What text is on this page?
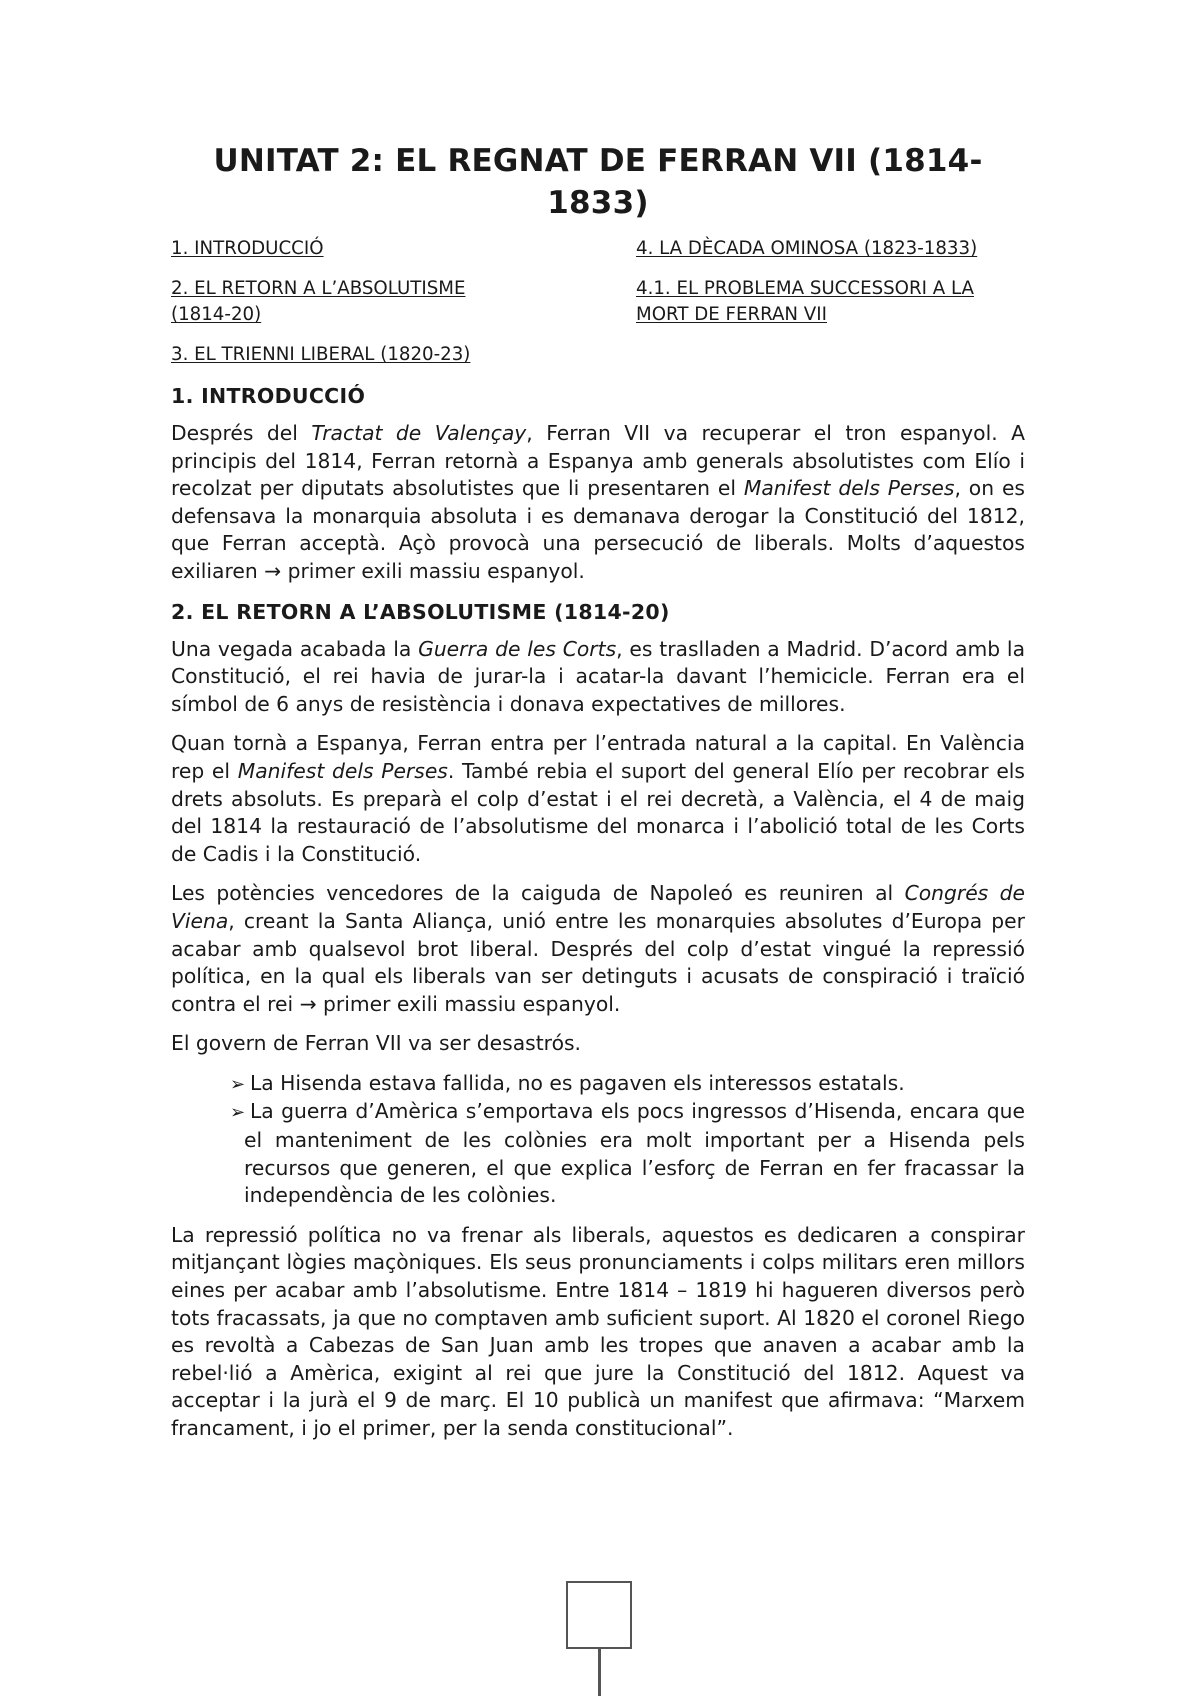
UNITAT 2: EL REGNAT DE FERRAN VII (1814-1833)
1. INTRODUCCIÓ
2. EL RETORN A L’ABSOLUTISME (1814-20)
3. EL TRIENNI LIBERAL (1820-23)
4. LA DÈCADA OMINOSA (1823-1833)
4.1. EL PROBLEMA SUCCESSORI A LA MORT DE FERRAN VII
1. INTRODUCCIÓ

Després del Tractat de Valençay, Ferran VII va recuperar el tron espanyol. A principis del 1814, Ferran retornà a Espanya amb generals absolutistes com Elío i recolzat per diputats absolutistes que li presentaren el Manifest dels Perses, on es defensava la monarquia absoluta i es demanava derogar la Constitució del 1812, que Ferran acceptà. Açò provocà una persecució de liberals. Molts d’aquestos exiliaren → primer exili massiu espanyol.

2. EL RETORN A L’ABSOLUTISME (1814-20)

Una vegada acabada la Guerra de les Corts, es traslladen a Madrid. D’acord amb la Constitució, el rei havia de jurar-la i acatar-la davant l’hemicicle. Ferran era el símbol de 6 anys de resistència i donava expectatives de millores.

Quan tornà a Espanya, Ferran entra per l’entrada natural a la capital. En València rep el Manifest dels Perses. També rebia el suport del general Elío per recobrar els drets absoluts. Es preparà el colp d’estat i el rei decretà, a València, el 4 de maig del 1814 la restauració de l’absolutisme del monarca i l’abolició total de les Corts de Cadis i la Constitució.

Les potències vencedores de la caiguda de Napoleó es reuniren al Congrés de Viena, creant la Santa Aliança, unió entre les monarquies absolutes d’Europa per acabar amb qualsevol brot liberal. Després del colp d’estat vingué la repressió política, en la qual els liberals van ser detinguts i acusats de conspiració i traïció contra el rei → primer exili massiu espanyol.

El govern de Ferran VII va ser desastrós.

➢ La Hisenda estava fallida, no es pagaven els interessos estatals.
➢ La guerra d’Amèrica s’emportava els pocs ingressos d’Hisenda, encara que el manteniment de les colònies era molt important per a Hisenda pels recursos que generen, el que explica l’esforç de Ferran en fer fracassar la independència de les colònies.

La repressió política no va frenar als liberals, aquestos es dedicaren a conspirar mitjançant lògies maçòniques. Els seus pronunciaments i colps militars eren millors eines per acabar amb l’absolutisme. Entre 1814 – 1819 hi hagueren diversos però tots fracassats, ja que no comptaven amb suficient suport. Al 1820 el coronel Riego es revoltà a Cabezas de San Juan amb les tropes que anaven a acabar amb la rebel·lió a Amèrica, exigint al rei que jure la Constitució del 1812. Aquest va acceptar i la jurà el 9 de març. El 10 publicà un manifest que afirmava: “Marxem francament, i jo el primer, per la senda constitucional”.
